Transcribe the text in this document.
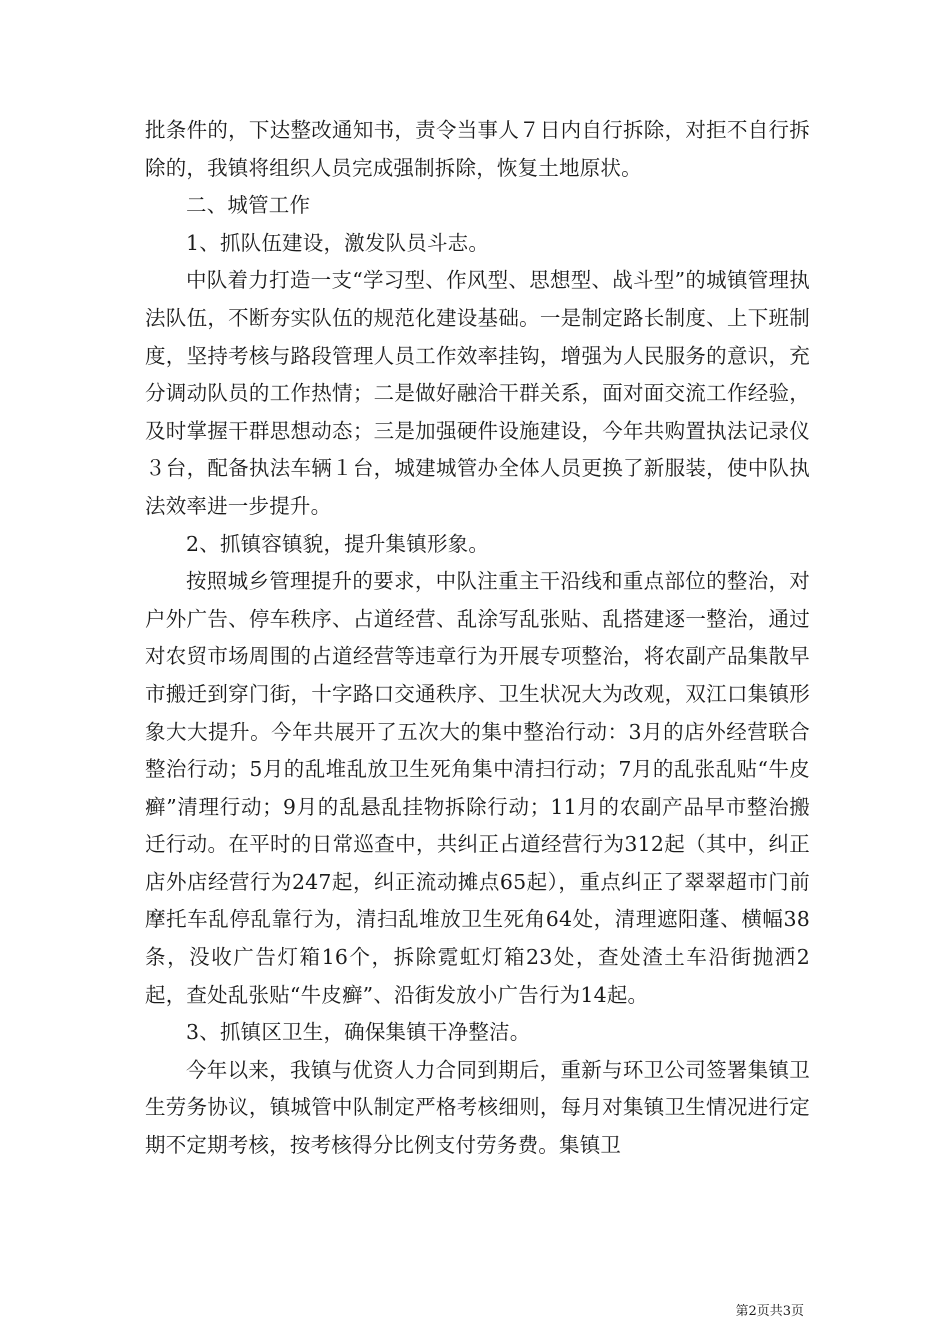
批条件的，下达整改通知书，责令当事人７日内自行拆除，对拒不自行拆除的，我镇将组织人员完成强制拆除，恢复土地原状。

二、城管工作

1、抓队伍建设，激发队员斗志。

中队着力打造一支“学习型、作风型、思想型、战斗型”的城镇管理执法队伍，不断夯实队伍的规范化建设基础。一是制定路长制度、上下班制度，坚持考核与路段管理人员工作效率挂钩，增强为人民服务的意识，充分调动队员的工作热情；二是做好融洽干群关系，面对面交流工作经验，及时掌握干群思想动态；三是加强硬件设施建设，今年共购置执法记录仪３台，配备执法车辆１台，城建城管办全体人员更换了新服装，使中队执法效率进一步提升。

2、抓镇容镇貌，提升集镇形象。

按照城乡管理提升的要求，中队注重主干沿线和重点部位的整治，对户外广告、停车秩序、占道经营、乱涂写乱张贴、乱搭建逐一整治，通过对农贸市场周围的占道经营等违章行为开展专项整治，将农副产品集散早市搬迁到穿门街，十字路口交通秩序、卫生状况大为改观，双江口集镇形象大大提升。今年共展开了五次大的集中整治行动：3月的店外经营联合整治行动；5月的乱堆乱放卫生死角集中清扫行动；7月的乱张乱贴“牛皮癣”清理行动；9月的乱悬乱挂物拆除行动；11月的农副产品早市整治搬迁行动。在平时的日常巡查中，共纠正占道经营行为312起（其中，纠正店外店经营行为247起，纠正流动摊点65起），重点纠正了翠翠超市门前摩托车乱停乱靠行为，清扫乱堆放卫生死角64处，清理遮阳蓬、横幅38条，没收广告灯箱16个，拆除霓虹灯箱23处，查处渣土车沿街抛洒2起，查处乱张贴“牛皮癣”、沿街发放小广告行为14起。

3、抓镇区卫生，确保集镇干净整洁。

今年以来，我镇与优资人力合同到期后，重新与环卫公司签署集镇卫生劳务协议，镇城管中队制定严格考核细则，每月对集镇卫生情况进行定期不定期考核，按考核得分比例支付劳务费。集镇卫

第2页共3页
